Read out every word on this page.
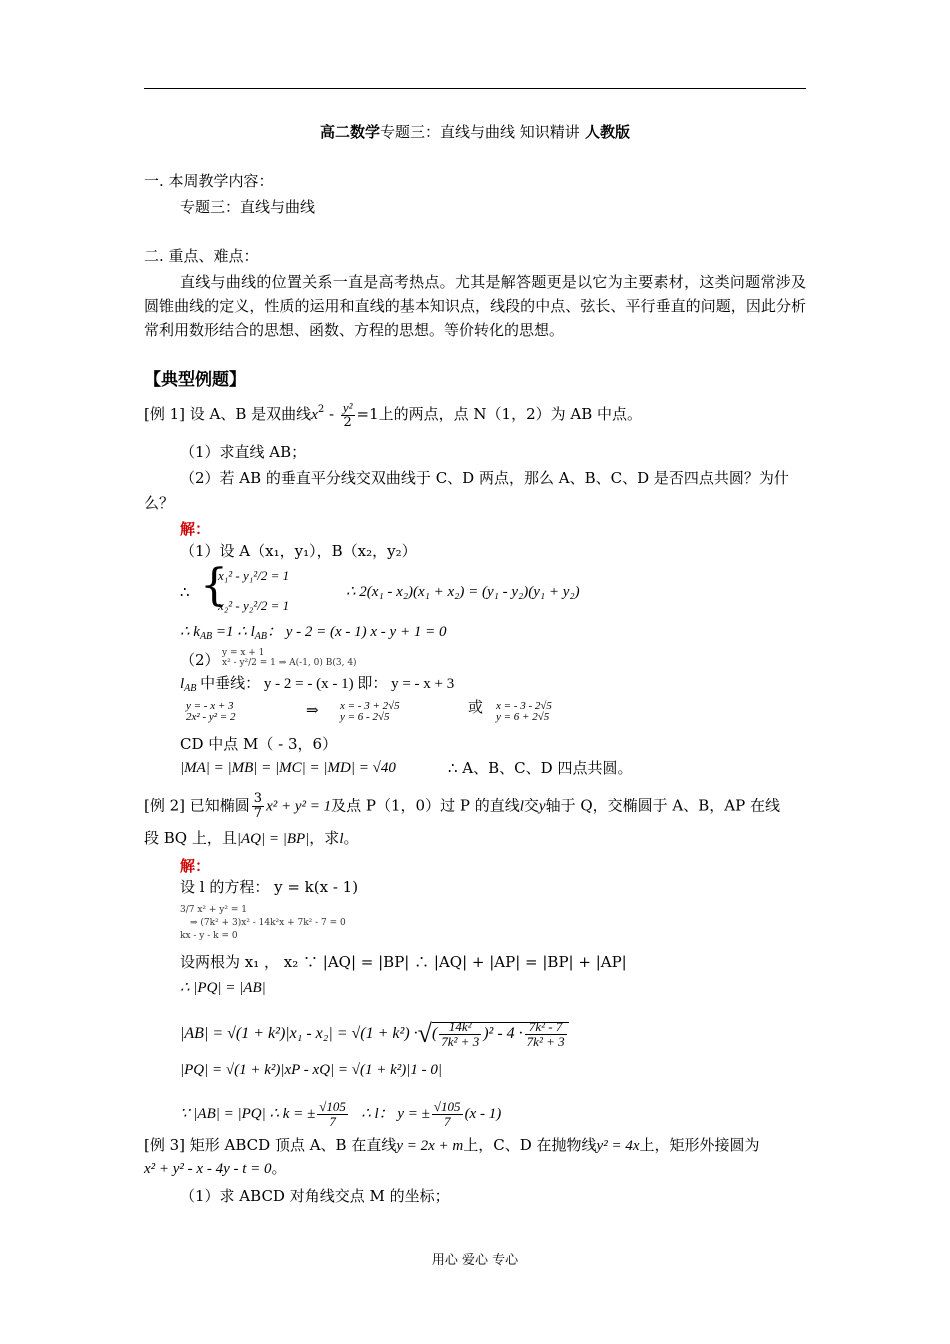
高二数学专题三：直线与曲线 知识精讲 人教版
一. 本周教学内容：
专题三：直线与曲线
二. 重点、难点：
直线与曲线的位置关系一直是高考热点。尤其是解答题更是以它为主要素材，这类问题常涉及圆锥曲线的定义，性质的运用和直线的基本知识点，线段的中点、弦长、平行垂直的问题，因此分析常利用数形结合的思想、函数、方程的思想。等价转化的思想。
【典型例题】
[例 1] 设 A、B 是双曲线$x^2 - \frac{\text{y²}}{2} =1$上的两点，点 N（1，2）为 AB 中点。
（1）求直线 AB；
（2）若 AB 的垂直平分线交双曲线于 C、D 两点，那么 A、B、C、D 是否四点共圆？为什
么？
解：
（1）设 A（x₁，y₁），B（x₂，y₂）
∴ {
x₁² - y₁²/2 = 1
x₂² - y₂²/2 = 1
∴ 2(x₁ - x₂)(x₁ + x₂) = (y₁ - y₂)(y₁ + y₂)
∴ $k_{AB} =1$ ∴ $l_{AB}$： y - 2 = (x - 1) x - y + 1 = 0
（2） y = x + 1
x² - y²/2 = 1 ⇒ A(-1, 0) B(3, 4)
$l_{AB}$ 中垂线： y - 2 = - (x - 1) 即： y = - x + 3
y = - x + 3
2x² - y² = 2	⇒ x = - 3 + 2√5
y = 6 - 2√5
或 x = - 3 - 2√5
y = 6 + 2√5
CD 中点 M（ - 3，6）
|MA| = |MB| = |MC| = |MD| = √40	∴ A、B、C、D 四点共圆。
[例 2] 已知椭圆 $\frac{3}{7} x^2 + y^2 = 1$及点 P（1，0）过 P 的直线l交y轴于 Q，交椭圆于 A、B，AP 在线
段 BQ 上，且|AQ| = |BP|，求l。
解：
设 l 的方程： y = k(x - 1)
3/7 x² + y² = 1
⇒ (7k² + 3)x² - 14k²x + 7k² - 7 = 0
kx - y - k = 0
设两根为 x₁ ， x₂ ∵ |AQ| = |BP| ∴ |AQ| + |AP| = |BP| + |AP|
∴ |PQ| = |AB|
|AB| = √(1 + k²)|x₁ - x₂| = √(1 + k²) ·√( $\frac{\text{14k²}}{\text{7k² + 3}} )^2 - 4 \cdot \frac{\text{7k² - 7}}{\text{7k² + 3}}$
|PQ| = √(1 + k²)|xP - xQ| = √(1 + k²)|1 - 0|
∵ |AB| = |PQ| ∴ k = ± $\frac{√105}{7}$ ∴ l： y = ± $\frac{√105}{7} (x - 1)$
[例 3] 矩形 ABCD 顶点 A、B 在直线y = 2x + m上，C、D 在抛物线y² = 4x上，矩形外接圆为
x² + y² - x - 4y - t = 0。
（1）求 ABCD 对角线交点 M 的坐标；
用心 爱心 专心
